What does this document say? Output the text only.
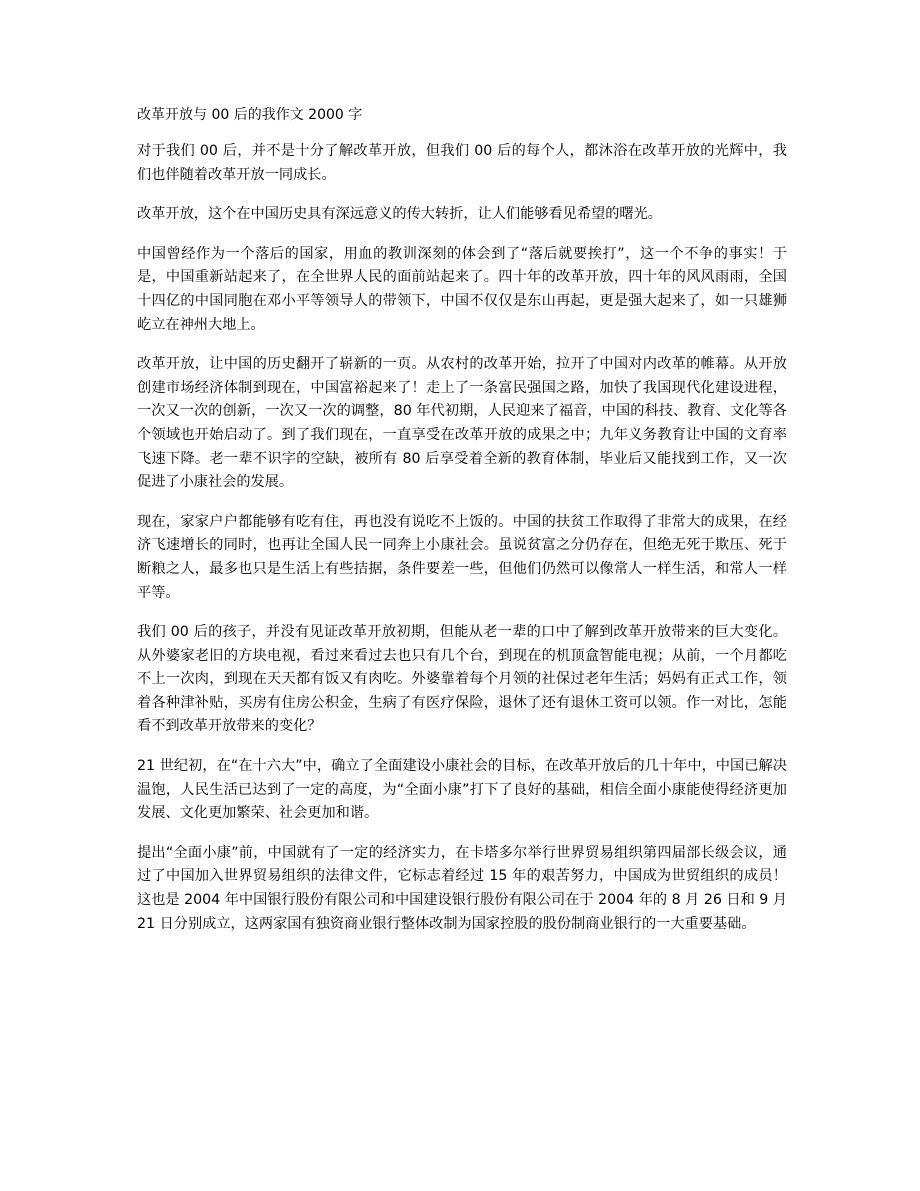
改革开放与 00 后的我作文 2000 字

对于我们 00 后，并不是十分了解改革开放，但我们 00 后的每个人，都沐浴在改革开放的光辉中，我们也伴随着改革开放一同成长。

改革开放，这个在中国历史具有深远意义的传大转折，让人们能够看见希望的曙光。

中国曾经作为一个落后的国家，用血的教训深刻的体会到了“落后就要挨打”，这一个不争的事实！于是，中国重新站起来了，在全世界人民的面前站起来了。四十年的改革开放，四十年的风风雨雨，全国十四亿的中国同胞在邓小平等领导人的带领下，中国不仅仅是东山再起，更是强大起来了，如一只雄狮屹立在神州大地上。

改革开放，让中国的历史翻开了崭新的一页。从农村的改革开始，拉开了中国对内改革的帷幕。从开放创建市场经济体制到现在，中国富裕起来了！走上了一条富民强国之路，加快了我国现代化建设进程，一次又一次的创新，一次又一次的调整，80 年代初期，人民迎来了福音，中国的科技、教育、文化等各个领域也开始启动了。到了我们现在，一直享受在改革开放的成果之中；九年义务教育让中国的文育率飞速下降。老一辈不识字的空缺，被所有 80 后享受着全新的教育体制，毕业后又能找到工作，又一次促进了小康社会的发展。

现在，家家户户都能够有吃有住，再也没有说吃不上饭的。中国的扶贫工作取得了非常大的成果，在经济飞速增长的同时，也再让全国人民一同奔上小康社会。虽说贫富之分仍存在，但绝无死于欺压、死于断粮之人，最多也只是生活上有些拮据，条件要差一些，但他们仍然可以像常人一样生活，和常人一样平等。

我们 00 后的孩子，并没有见证改革开放初期，但能从老一辈的口中了解到改革开放带来的巨大变化。从外婆家老旧的方块电视，看过来看过去也只有几个台，到现在的机顶盒智能电视；从前，一个月都吃不上一次肉，到现在天天都有饭又有肉吃。外婆靠着每个月领的社保过老年生活；妈妈有正式工作，领着各种津补贴，买房有住房公积金，生病了有医疗保险，退休了还有退休工资可以领。作一对比，怎能看不到改革开放带来的变化？

21 世纪初，在“在十六大”中，确立了全面建设小康社会的目标，在改革开放后的几十年中，中国已解决温饱，人民生活已达到了一定的高度，为“全面小康”打下了良好的基础，相信全面小康能使得经济更加发展、文化更加繁荣、社会更加和谐。

提出“全面小康”前，中国就有了一定的经济实力，在卡塔多尔举行世界贸易组织第四届部长级会议，通过了中国加入世界贸易组织的法律文件，它标志着经过 15 年的艰苦努力，中国成为世贸组织的成员！这也是 2004 年中国银行股份有限公司和中国建设银行股份有限公司在于 2004 年的 8 月 26 日和 9 月 21 日分别成立，这两家国有独资商业银行整体改制为国家控股的股份制商业银行的一大重要基础。
